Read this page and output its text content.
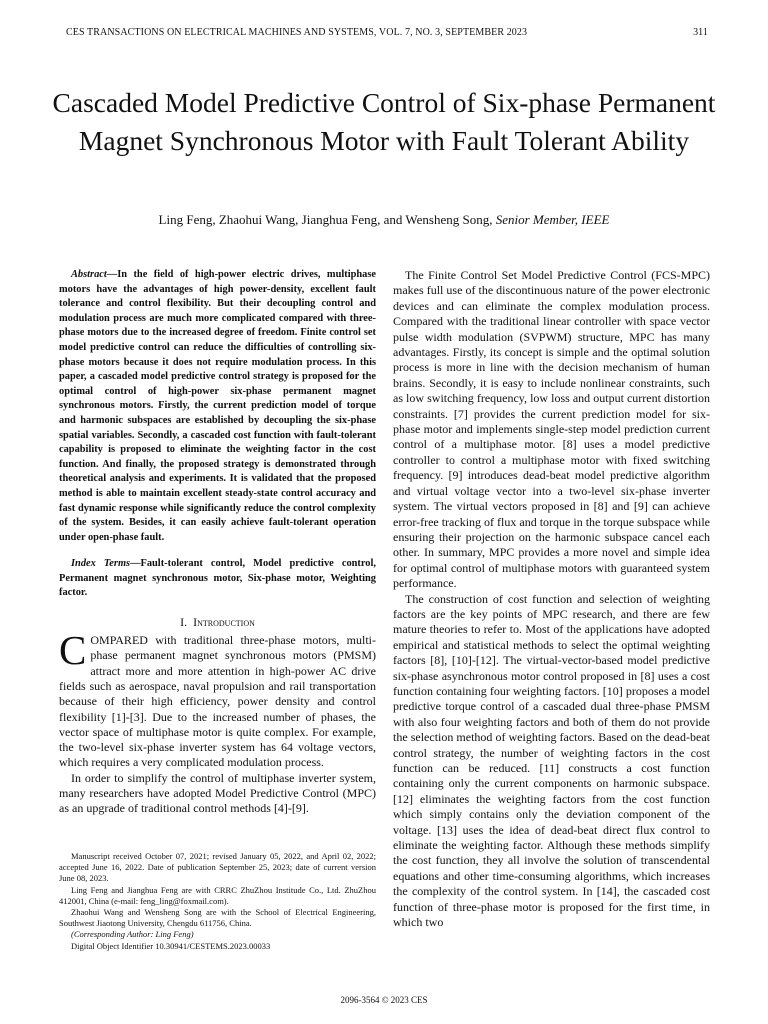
CES TRANSACTIONS ON ELECTRICAL MACHINES AND SYSTEMS, VOL. 7, NO. 3, SEPTEMBER 2023	311
Cascaded Model Predictive Control of Six-phase Permanent Magnet Synchronous Motor with Fault Tolerant Ability
Ling Feng, Zhaohui Wang, Jianghua Feng, and Wensheng Song, Senior Member, IEEE

Abstract—In the field of high-power electric drives, multiphase motors have the advantages of high power-density, excellent fault tolerance and control flexibility. But their decoupling control and modulation process are much more complicated compared with three-phase motors due to the increased degree of freedom. Finite control set model predictive control can reduce the difficulties of controlling six-phase motors because it does not require modulation process. In this paper, a cascaded model predictive control strategy is proposed for the optimal control of high-power six-phase permanent magnet synchronous motors. Firstly, the current prediction model of torque and harmonic subspaces are established by decoupling the six-phase spatial variables. Secondly, a cascaded cost function with fault-tolerant capability is proposed to eliminate the weighting factor in the cost function. And finally, the proposed strategy is demonstrated through theoretical analysis and experiments. It is validated that the proposed method is able to maintain excellent steady-state control accuracy and fast dynamic response while significantly reduce the control complexity of the system. Besides, it can easily achieve fault-tolerant operation under open-phase fault.

Index Terms—Fault-tolerant control, Model predictive control, Permanent magnet synchronous motor, Six-phase motor, Weighting factor.

I. Introduction

COMPARED with traditional three-phase motors, multi-phase permanent magnet synchronous motors (PMSM) attract more and more attention in high-power AC drive fields such as aerospace, naval propulsion and rail transportation because of their high efficiency, power density and control flexibility [1]-[3]. Due to the increased number of phases, the vector space of multiphase motor is quite complex. For example, the two-level six-phase inverter system has 64 voltage vectors, which requires a very complicated modulation process.

In order to simplify the control of multiphase inverter system, many researchers have adopted Model Predictive Control (MPC) as an upgrade of traditional control methods [4]-[9].

Manuscript received October 07, 2021; revised January 05, 2022, and April 02, 2022; accepted June 16, 2022. Date of publication September 25, 2023; date of current version June 08, 2023.

Ling Feng and Jianghua Feng are with CRRC ZhuZhou Institude Co., Ltd. ZhuZhou 412001, China (e-mail: feng_ling@foxmail.com).

Zhaohui Wang and Wensheng Song are with the School of Electrical Engineering, Southwest Jiaotong University, Chengdu 611756, China.

(Corresponding Author: Ling Feng)

Digital Object Identifier 10.30941/CESTEMS.2023.00033

The Finite Control Set Model Predictive Control (FCS-MPC) makes full use of the discontinuous nature of the power electronic devices and can eliminate the complex modulation process. Compared with the traditional linear controller with space vector pulse width modulation (SVPWM) structure, MPC has many advantages. Firstly, its concept is simple and the optimal solution process is more in line with the decision mechanism of human brains. Secondly, it is easy to include nonlinear constraints, such as low switching frequency, low loss and output current distortion constraints. [7] provides the current prediction model for six-phase motor and implements single-step model prediction current control of a multiphase motor. [8] uses a model predictive controller to control a multiphase motor with fixed switching frequency. [9] introduces dead-beat model predictive algorithm and virtual voltage vector into a two-level six-phase inverter system. The virtual vectors proposed in [8] and [9] can achieve error-free tracking of flux and torque in the torque subspace while ensuring their projection on the harmonic subspace cancel each other. In summary, MPC provides a more novel and simple idea for optimal control of multiphase motors with guaranteed system performance.

The construction of cost function and selection of weighting factors are the key points of MPC research, and there are few mature theories to refer to. Most of the applications have adopted empirical and statistical methods to select the optimal weighting factors [8], [10]-[12]. The virtual-vector-based model predictive six-phase asynchronous motor control proposed in [8] uses a cost function containing four weighting factors. [10] proposes a model predictive torque control of a cascaded dual three-phase PMSM with also four weighting factors and both of them do not provide the selection method of weighting factors. Based on the dead-beat control strategy, the number of weighting factors in the cost function can be reduced. [11] constructs a cost function containing only the current components on harmonic subspace. [12] eliminates the weighting factors from the cost function which simply contains only the deviation component of the voltage. [13] uses the idea of dead-beat direct flux control to eliminate the weighting factor. Although these methods simplify the cost function, they all involve the solution of transcendental equations and other time-consuming algorithms, which increases the complexity of the control system. In [14], the cascaded cost function of three-phase motor is proposed for the first time, in which two

2096-3564 © 2023 CES
